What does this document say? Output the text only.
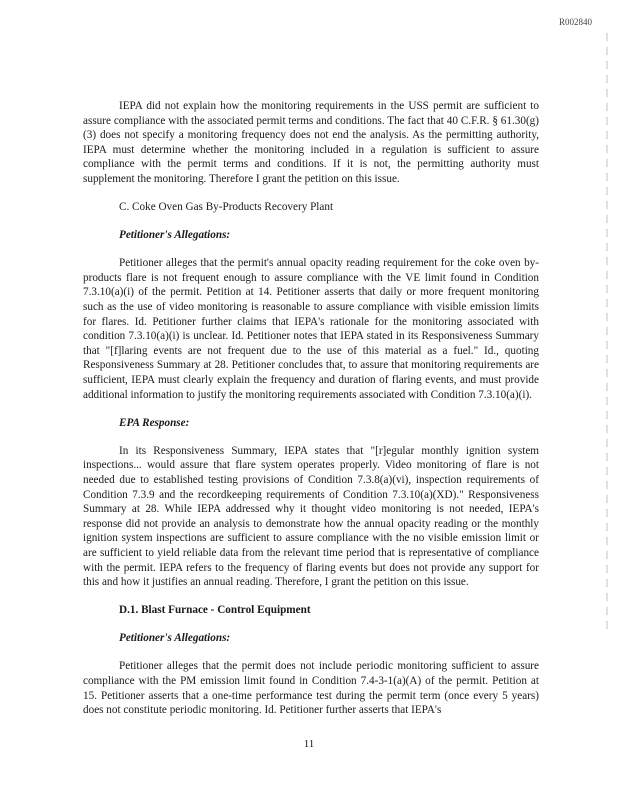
R002840

IEPA did not explain how the monitoring requirements in the USS permit are sufficient to assure compliance with the associated permit terms and conditions. The fact that 40 C.F.R. § 61.30(g)(3) does not specify a monitoring frequency does not end the analysis. As the permitting authority, IEPA must determine whether the monitoring included in a regulation is sufficient to assure compliance with the permit terms and conditions. If it is not, the permitting authority must supplement the monitoring. Therefore I grant the petition on this issue.

C. Coke Oven Gas By-Products Recovery Plant

Petitioner's Allegations:

Petitioner alleges that the permit's annual opacity reading requirement for the coke oven by-products flare is not frequent enough to assure compliance with the VE limit found in Condition 7.3.10(a)(i) of the permit. Petition at 14. Petitioner asserts that daily or more frequent monitoring such as the use of video monitoring is reasonable to assure compliance with visible emission limits for flares. Id. Petitioner further claims that IEPA's rationale for the monitoring associated with condition 7.3.10(a)(i) is unclear. Id. Petitioner notes that IEPA stated in its Responsiveness Summary that "[f]laring events are not frequent due to the use of this material as a fuel." Id., quoting Responsiveness Summary at 28. Petitioner concludes that, to assure that monitoring requirements are sufficient, IEPA must clearly explain the frequency and duration of flaring events, and must provide additional information to justify the monitoring requirements associated with Condition 7.3.10(a)(i).

EPA Response:

In its Responsiveness Summary, IEPA states that "[r]egular monthly ignition system inspections... would assure that flare system operates properly. Video monitoring of flare is not needed due to established testing provisions of Condition 7.3.8(a)(vi), inspection requirements of Condition 7.3.9 and the recordkeeping requirements of Condition 7.3.10(a)(XD)." Responsiveness Summary at 28. While IEPA addressed why it thought video monitoring is not needed, IEPA's response did not provide an analysis to demonstrate how the annual opacity reading or the monthly ignition system inspections are sufficient to assure compliance with the no visible emission limit or are sufficient to yield reliable data from the relevant time period that is representative of compliance with the permit. IEPA refers to the frequency of flaring events but does not provide any support for this and how it justifies an annual reading. Therefore, I grant the petition on this issue.

D.1. Blast Furnace - Control Equipment

Petitioner's Allegations:

Petitioner alleges that the permit does not include periodic monitoring sufficient to assure compliance with the PM emission limit found in Condition 7.4-3-1(a)(A) of the permit. Petition at 15. Petitioner asserts that a one-time performance test during the permit term (once every 5 years) does not constitute periodic monitoring. Id. Petitioner further asserts that IEPA's

11
